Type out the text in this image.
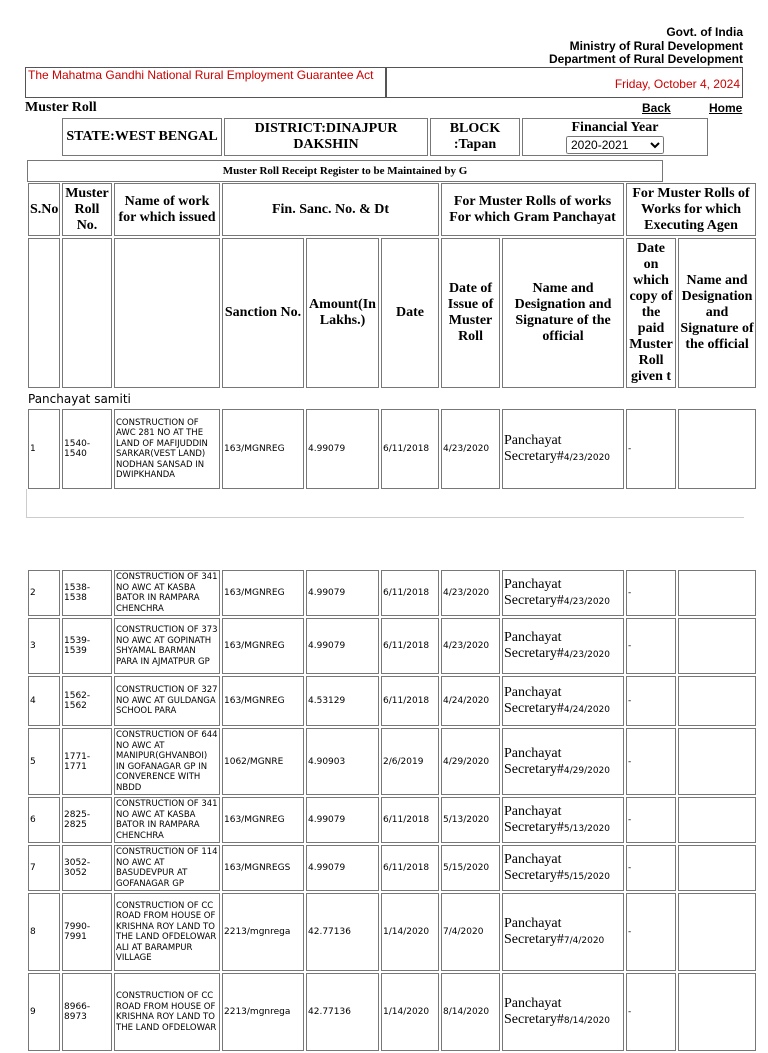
Govt. of India
Ministry of Rural Development
Department of Rural Development
The Mahatma Gandhi National Rural Employment Guarantee Act
Friday, October 4, 2024
Muster Roll	Back	Home
STATE:WEST BENGAL	DISTRICT:DINAJPUR DAKSHIN	BLOCK :Tapan	
Financial Year
2020-2021
Muster Roll Receipt Register to be Maintained by G
S.No	Muster Roll No.	Name of work for which issued	Fin. Sanc. No. & Dt			For Muster Rolls of works For which Gram Panchayat		For Muster Rolls of Works for which Executing Agen	
			Sanction No.	Amount(In Lakhs.)	Date	Date of Issue of Muster Roll	Name and Designation and Signature of the official	Date on which copy of the paid Muster Roll given t	Name and Designation and Signature of the official
Panchayat samiti									
1	1540-1540	CONSTRUCTION OF AWC 281 NO AT THE LAND OF MAFIJUDDIN SARKAR(VEST LAND) NODHAN SANSAD IN DWIPKHANDA	163/MGNREG	4.99079	6/11/2018	4/23/2020	Panchayat Secretary#4/23/2020	-	
2	1538-1538	CONSTRUCTION OF 341 NO AWC AT KASBA BATOR IN RAMPARA CHENCHRA	163/MGNREG	4.99079	6/11/2018	4/23/2020	Panchayat Secretary#4/23/2020	-	
3	1539-1539	CONSTRUCTION OF 373 NO AWC AT GOPINATH SHYAMAL BARMAN PARA IN AJMATPUR GP	163/MGNREG	4.99079	6/11/2018	4/23/2020	Panchayat Secretary#4/23/2020	-	
4	1562-1562	CONSTRUCTION OF 327 NO AWC AT GULDANGA SCHOOL PARA	163/MGNREG	4.53129	6/11/2018	4/24/2020	Panchayat Secretary#4/24/2020	-	
5	1771-1771	CONSTRUCTION OF 644 NO AWC AT MANIPUR(GHVANBOI) IN GOFANAGAR GP IN CONVERENCE WITH NBDD	1062/MGNRE	4.90903	2/6/2019	4/29/2020	Panchayat Secretary#4/29/2020	-	
6	2825-2825	CONSTRUCTION OF 341 NO AWC AT KASBA BATOR IN RAMPARA CHENCHRA	163/MGNREG	4.99079	6/11/2018	5/13/2020	Panchayat Secretary#5/13/2020	-	
7	3052-3052	CONSTRUCTION OF 114 NO AWC AT BASUDEVPUR AT GOFANAGAR GP	163/MGNREGS	4.99079	6/11/2018	5/15/2020	Panchayat Secretary#5/15/2020	-	
8	7990-7991	CONSTRUCTION OF CC ROAD FROM HOUSE OF KRISHNA ROY LAND TO THE LAND OFDELOWAR ALI AT BARAMPUR VILLAGE	2213/mgnrega	42.77136	1/14/2020	7/4/2020	Panchayat Secretary#7/4/2020	-	
9	8966-8973	CONSTRUCTION OF CC ROAD FROM HOUSE OF KRISHNA ROY LAND TO THE LAND OFDELOWAR	2213/mgnrega	42.77136	1/14/2020	8/14/2020	Panchayat Secretary#8/14/2020	-	
